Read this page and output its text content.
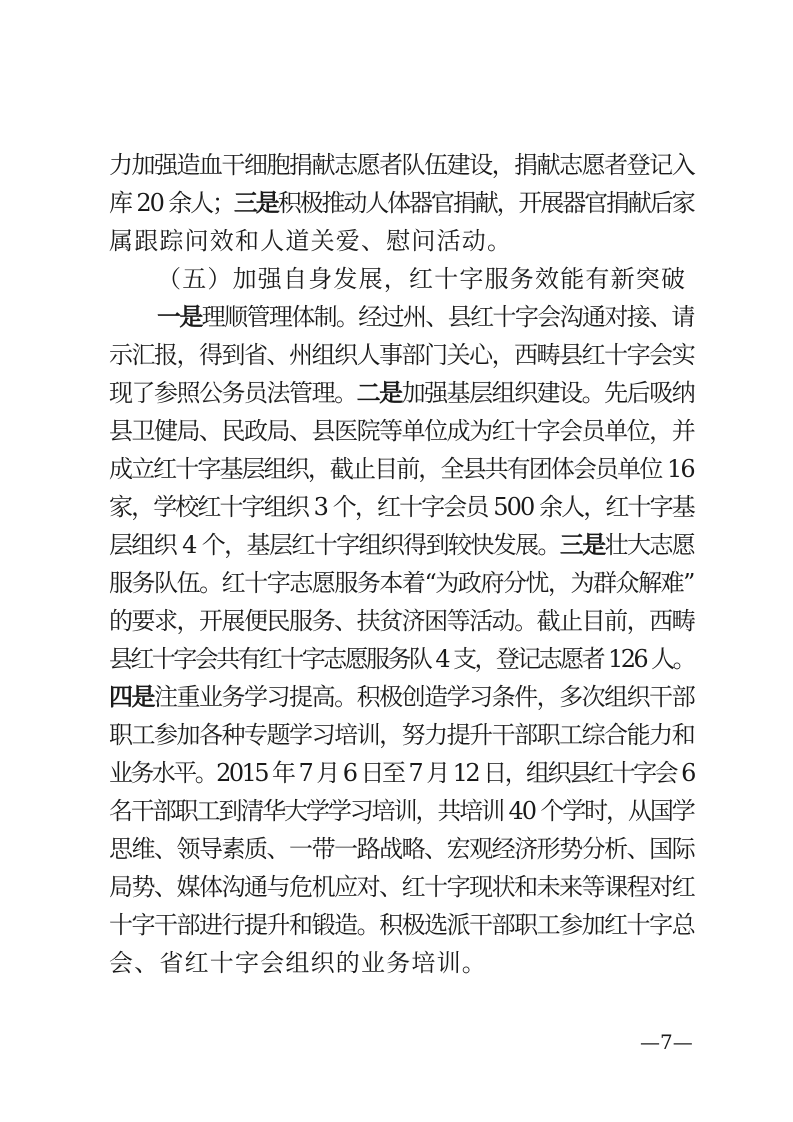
力加强造血干细胞捐献志愿者队伍建设，捐献志愿者登记入
库 20 余人；三是积极推动人体器官捐献，开展器官捐献后家
属跟踪问效和人道关爱、慰问活动。
（五）加强自身发展，红十字服务效能有新突破
一是理顺管理体制。经过州、县红十字会沟通对接、请
示汇报，得到省、州组织人事部门关心，西畴县红十字会实
现了参照公务员法管理。二是加强基层组织建设。先后吸纳
县卫健局、民政局、县医院等单位成为红十字会员单位，并
成立红十字基层组织，截止目前，全县共有团体会员单位 16
家，学校红十字组织 3 个，红十字会员 500 余人，红十字基
层组织 4 个，基层红十字组织得到较快发展。三是壮大志愿
服务队伍。红十字志愿服务本着“为政府分忧，为群众解难”
的要求，开展便民服务、扶贫济困等活动。截止目前，西畴
县红十字会共有红十字志愿服务队 4 支，登记志愿者 126 人。
四是注重业务学习提高。积极创造学习条件，多次组织干部
职工参加各种专题学习培训，努力提升干部职工综合能力和
业务水平。2015 年 7 月 6 日至 7 月 12 日，组织县红十字会 6
名干部职工到清华大学学习培训，共培训 40 个学时，从国学
思维、领导素质、一带一路战略、宏观经济形势分析、国际
局势、媒体沟通与危机应对、红十字现状和未来等课程对红
十字干部进行提升和锻造。积极选派干部职工参加红十字总
会、省红十字会组织的业务培训。
—7—
